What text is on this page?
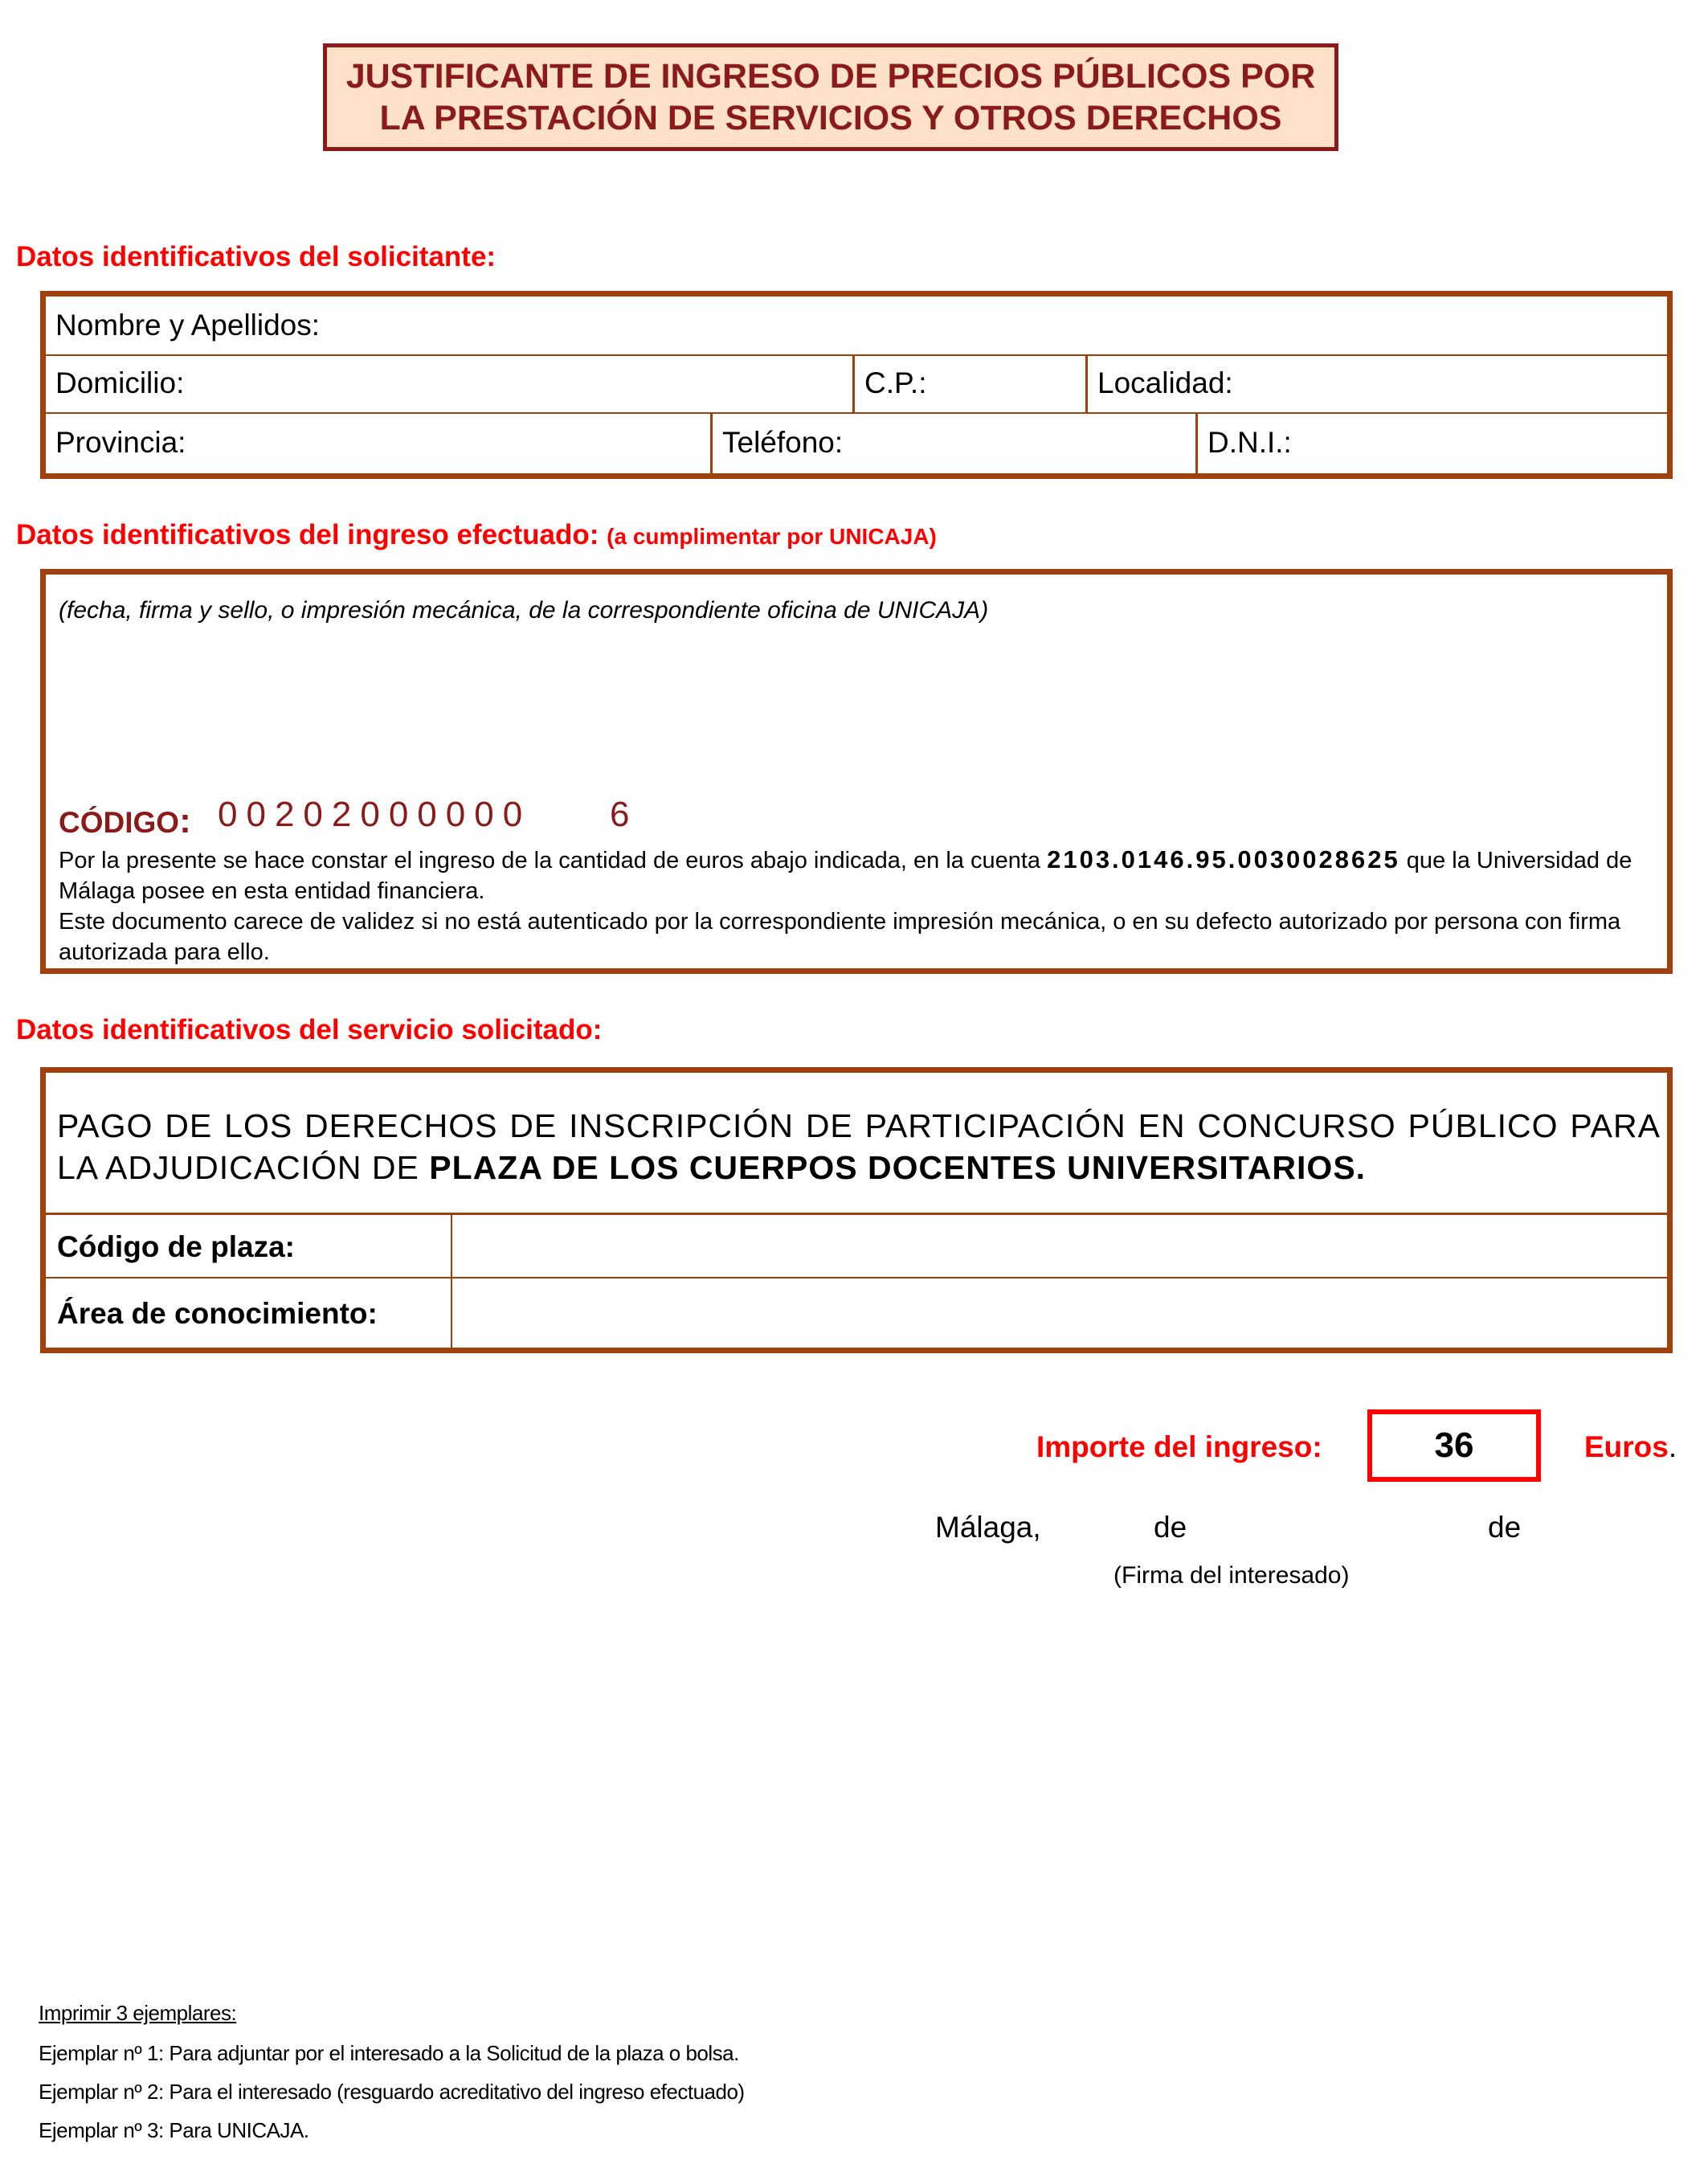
JUSTIFICANTE DE INGRESO DE PRECIOS PÚBLICOS POR
LA PRESTACIÓN DE SERVICIOS Y OTROS DERECHOS
Datos identificativos del solicitante:
Nombre y Apellidos:
Domicilio:	C.P.:	Localidad:
Provincia:	Teléfono:	D.N.I.:
Datos identificativos del ingreso efectuado: (a cumplimentar por UNICAJA)
(fecha, firma y sello, o impresión mecánica, de la correspondiente oficina de UNICAJA)
CÓDIGO: 00202000000 6
Por la presente se hace constar el ingreso de la cantidad de euros abajo indicada, en la cuenta 2103.0146.95.0030028625 que la Universidad de Málaga posee en esta entidad financiera.
Este documento carece de validez si no está autenticado por la correspondiente impresión mecánica, o en su defecto autorizado por persona con firma autorizada para ello.
Datos identificativos del servicio solicitado:
PAGO DE LOS DERECHOS DE INSCRIPCIÓN DE PARTICIPACIÓN EN CONCURSO PÚBLICO PARA LA ADJUDICACIÓN DE PLAZA DE LOS CUERPOS DOCENTES UNIVERSITARIOS.
Código de plaza:
Área de conocimiento:
Importe del ingreso:	36	Euros.
Málaga,	de	de
(Firma del interesado)
Imprimir 3 ejemplares:
Ejemplar nº 1: Para adjuntar por el interesado a la Solicitud de la plaza o bolsa.
Ejemplar nº 2: Para el interesado (resguardo acreditativo del ingreso efectuado)
Ejemplar nº 3: Para UNICAJA.
